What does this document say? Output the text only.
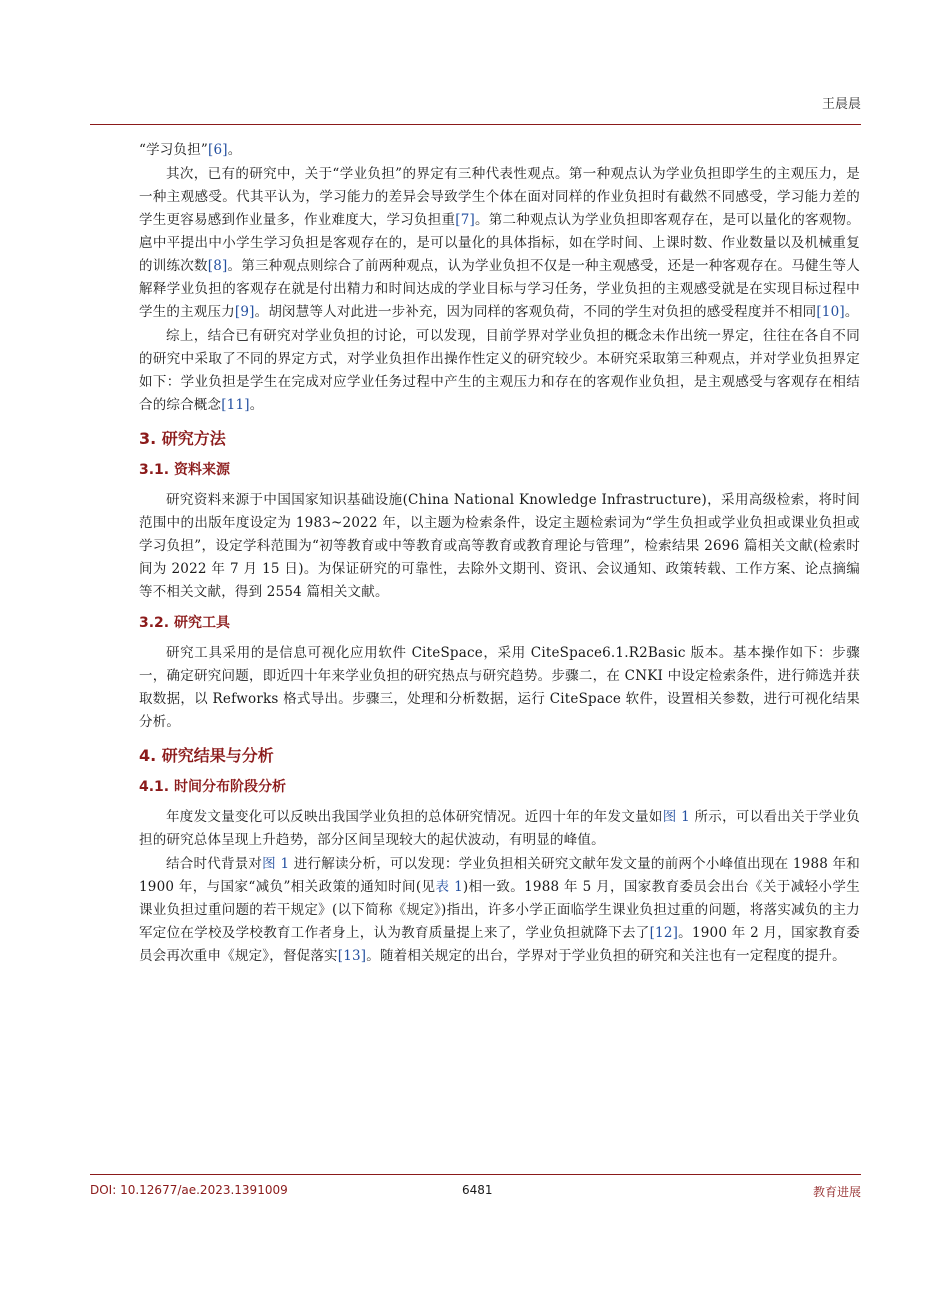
王晨晨

“学习负担”[6]。

其次，已有的研究中，关于“学业负担”的界定有三种代表性观点。第一种观点认为学业负担即学生的主观压力，是一种主观感受。代其平认为，学习能力的差异会导致学生个体在面对同样的作业负担时有截然不同感受，学习能力差的学生更容易感到作业量多，作业难度大，学习负担重[7]。第二种观点认为学业负担即客观存在，是可以量化的客观物。扈中平提出中小学生学习负担是客观存在的，是可以量化的具体指标，如在学时间、上课时数、作业数量以及机械重复的训练次数[8]。第三种观点则综合了前两种观点，认为学业负担不仅是一种主观感受，还是一种客观存在。马健生等人解释学业负担的客观存在就是付出精力和时间达成的学业目标与学习任务，学业负担的主观感受就是在实现目标过程中学生的主观压力[9]。胡闵慧等人对此进一步补充，因为同样的客观负荷，不同的学生对负担的感受程度并不相同[10]。

综上，结合已有研究对学业负担的讨论，可以发现，目前学界对学业负担的概念未作出统一界定，往往在各自不同的研究中采取了不同的界定方式，对学业负担作出操作性定义的研究较少。本研究采取第三种观点，并对学业负担界定如下：学业负担是学生在完成对应学业任务过程中产生的主观压力和存在的客观作业负担，是主观感受与客观存在相结合的综合概念[11]。

3. 研究方法
3.1. 资料来源

研究资料来源于中国国家知识基础设施(China National Knowledge Infrastructure)，采用高级检索，将时间范围中的出版年度设定为 1983~2022 年，以主题为检索条件，设定主题检索词为“学生负担或学业负担或课业负担或学习负担”，设定学科范围为“初等教育或中等教育或高等教育或教育理论与管理”，检索结果 2696 篇相关文献(检索时间为 2022 年 7 月 15 日)。为保证研究的可靠性，去除外文期刊、资讯、会议通知、政策转载、工作方案、论点摘编等不相关文献，得到 2554 篇相关文献。

3.2. 研究工具

研究工具采用的是信息可视化应用软件 CiteSpace，采用 CiteSpace6.1.R2Basic 版本。基本操作如下：步骤一，确定研究问题，即近四十年来学业负担的研究热点与研究趋势。步骤二，在 CNKI 中设定检索条件，进行筛选并获取数据，以 Refworks 格式导出。步骤三，处理和分析数据，运行 CiteSpace 软件，设置相关参数，进行可视化结果分析。

4. 研究结果与分析
4.1. 时间分布阶段分析

年度发文量变化可以反映出我国学业负担的总体研究情况。近四十年的年发文量如图 1 所示，可以看出关于学业负担的研究总体呈现上升趋势，部分区间呈现较大的起伏波动，有明显的峰值。

结合时代背景对图 1 进行解读分析，可以发现：学业负担相关研究文献年发文量的前两个小峰值出现在 1988 年和 1900 年，与国家“减负”相关政策的通知时间(见表 1)相一致。1988 年 5 月，国家教育委员会出台《关于减轻小学生课业负担过重问题的若干规定》(以下简称《规定》)指出，许多小学正面临学生课业负担过重的问题，将落实减负的主力军定位在学校及学校教育工作者身上，认为教育质量提上来了，学业负担就降下去了[12]。1900 年 2 月，国家教育委员会再次重申《规定》，督促落实[13]。随着相关规定的出台，学界对于学业负担的研究和关注也有一定程度的提升。

DOI: 10.12677/ae.2023.1391009	6481	教育进展
